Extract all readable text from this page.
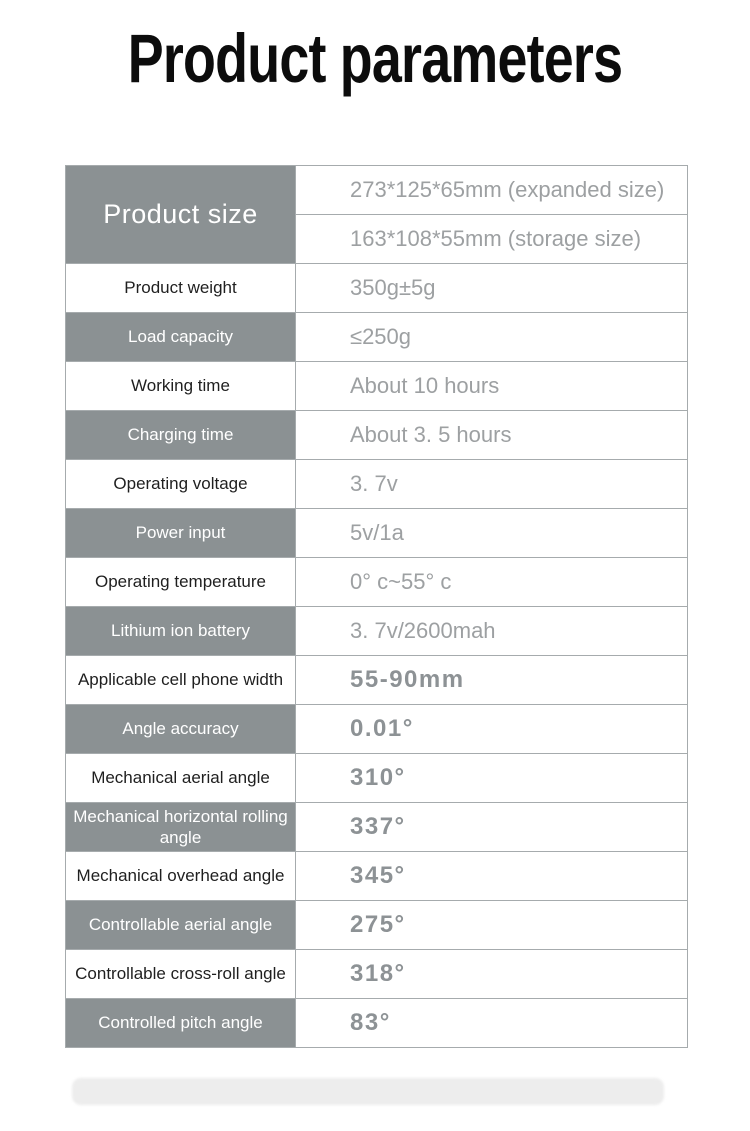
Product parameters
Product size	273*125*65mm (expanded size)
	163*108*55mm (storage size)
Product weight	350g±5g
Load capacity	≤250g
Working time	About 10 hours
Charging time	About 3. 5 hours
Operating voltage	3. 7v
Power input	5v/1a
Operating temperature	0° c~55° c
Lithium ion battery	3. 7v/2600mah
Applicable cell phone width	55-90mm
Angle accuracy	0.01°
Mechanical aerial angle	310°
Mechanical horizontal rolling angle	337°
Mechanical overhead angle	345°
Controllable aerial angle	275°
Controllable cross-roll angle	318°
Controlled pitch angle	83°
